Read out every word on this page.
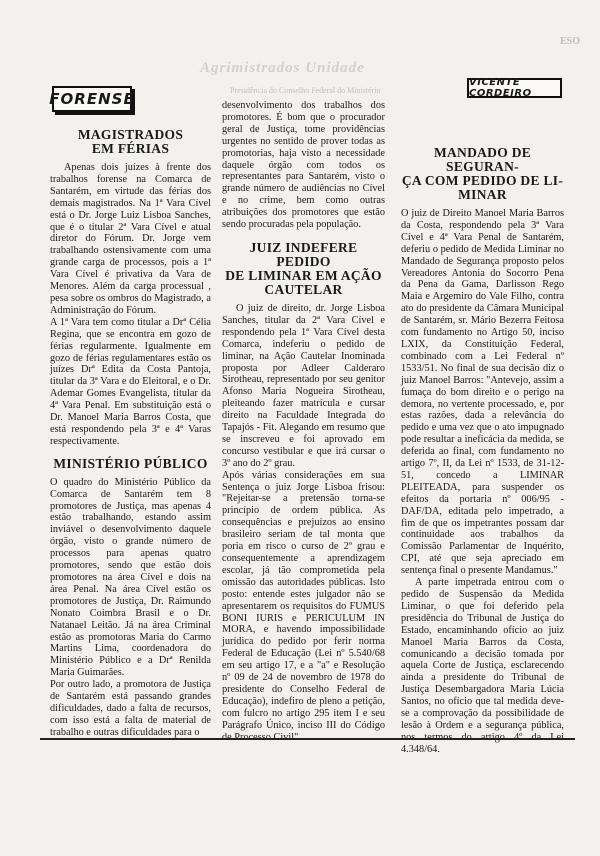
Agrimistrados Unidade
Presidência do Conselho Federal do Ministério
ESO
FORENSE
VICENTE CORDEIRO
MAGISTRADOS
EM FÉRIAS

Apenas dois juízes à frente dos trabalhos forense na Comarca de Santarém, em virtude das férias dos demais magistrados. Na 1ª Vara Cível está o Dr. Jorge Luiz Lisboa Sanches, que é o titular 2ª Vara Cível e atual diretor do Fórum. Dr. Jorge vem trabalhando ostensivamente com uma grande carga de processos, pois a 1ª Vara Cível é privativa da Vara de Menores. Além da carga processual , pesa sobre os ombros do Magistrado, a Administração do Fórum.

A 1ª Vara tem como titular a Drª Célia Regina, que se encontra em gozo de férias regularmente. Igualmente em gozo de férias regulamentares estão os juízes Drª Edita da Costa Pantoja, titular da 3ª Vara e do Eleitoral, e o Dr. Ademar Gomes Evangelista, titular da 4ª Vara Penal. Em substituição está o Dr. Manoel Maria Barros Costa, que está respondendo pela 3ª e 4ª Varas respectivamente.

MINISTÉRIO PÚBLICO

O quadro do Ministério Público da Comarca de Santarém tem 8 promotores de Justiça, mas apenas 4 estão trabalhando, estando assim inviável o desenvolvimento daquele órgão, visto o grande número de processos para apenas quatro promotores, sendo que estão dois promotores na área Cível e dois na área Penal. Na área Cível estão os promotores de Justiça, Dr. Raimundo Nonato Coimbra Brasil e o Dr. Natanael Leitão. Já na área Criminal estão as promotoras Maria do Carmo Martins Lima, coordenadora do Ministério Público e a Drª Renilda Maria Guimarães.

Por outro lado, a promotora de Justiça de Santarém está passando grandes dificuldades, dado a falta de recursos, com isso está a falta de material de trabalho e outras dificuldades para o

desenvolvimento dos trabalhos dos promotores. É bom que o procurador geral de Justiça, tome providências urgentes no sentido de prover todas as promotorias, haja visto a necessidade daquele órgão com todos os representantes para Santarém, visto o grande número de audiências no Cível e no crime, bem como outras atribuições dos promotores que estão sendo procuradas pela população.

JUIZ INDEFERE PEDIDO
DE LIMINAR EM AÇÃO
CAUTELAR

O juiz de direito, dr. Jorge Lisboa Sanches, titular da 2ª Vara Cível e respondendo pela 1ª Vara Cível desta Comarca, indeferiu o pedido de liminar, na Ação Cautelar Inominada proposta por Adleer Calderaro Sirotheau, representado por seu genitor Afonso Maria Nogueira Sirotheau, pleiteando fazer matrícula e cursar direito na Faculdade Integrada do Tapajós - Fit. Alegando em resumo que se inscreveu e foi aprovado em concurso vestibular e que irá cursar o 3º ano do 2º grau.

Após várias considerações em sua Sentença o juiz Jorge Lisboa frisou: "Rejeitar-se a pretensão torna-se princípio de ordem pública. As consequências e prejuízos ao ensino brasileiro seriam de tal monta que poria em risco o curso de 2º grau e consequentemente a aprendizagem escolar, já tão comprometida pela omissão das autoridades públicas. Isto posto: entende estes julgador não se apresentarem os requisitos do FUMUS BONI IURIS e PERICULUM IN MORA, e havendo impossibilidade jurídica do pedido por ferir norma Federal de Educação (Lei nº 5.540/68 em seu artigo 17, e a "a" e Resolução nº 09 de 24 de novembro de 1978 do presidente do Conselho Federal de Educação), indefiro de pleno a petição, com fulcro no artigo 295 item I e seu Parágrafo Único, inciso III do Código

MANDADO DE SEGURAN-
ÇA COM PEDIDO DE LI-
MINAR

O juiz de Direito Manoel Maria Barros da Costa, respondendo pela 3ª Vara Cível e 4ª Vara Penal de Santarém, deferiu o pedido de Medida Liminar no Mandado de Segurança proposto pelos Vereadores Antonia do Socorro Pena da Pena da Gama, Darlisson Rego Maia e Argemiro do Vale Filho, contra ato do presidente da Câmara Municipal de Santarém, sr. Mário Bezerra Feitosa com fundamento no Artigo 50, inciso LXIX, da Constituição Federal, combinado com a Lei Federal nº 1533/51. No final de sua decisão diz o juiz Manoel Barros: "Antevejo, assim a fumaça do bom direito e o perigo na demora, no vertente processado, e, por estas razões, dada a relevância do pedido e uma vez que o ato impugnado pode resultar a ineficácia da medida, se deferida ao final, com fundamento no artigo 7º, II, da Lei nº 1533, de 31-12-51, concedo a LIMINAR PLEITEADA, para suspender os efeitos da portaria nº 006/95 - DAF/DA, editada pelo impetrado, a fim de que os impetrantes possam dar continuidade aos trabalhos da Comissão Parlamentar de Inquérito, CPI, até que seja apreciado em sentença final o presente Mandamus."

A parte impetrada entrou com o pedido de Suspensão da Medida Liminar, o que foi deferido pela presidência do Tribunal de Justiça do Estado, encaminhando ofício ao juiz Manoel Maria Barros da Costa, comunicando a decisão tomada por aquela Corte de Justiça, esclarecendo ainda a presidente do Tribunal de Justiça Desembargadora Maria Lúcia Santos, no ofício que tal medida deve-se a comprovação da possibilidade de lesão à Ordem e a segurança pública, 4.348/64.
